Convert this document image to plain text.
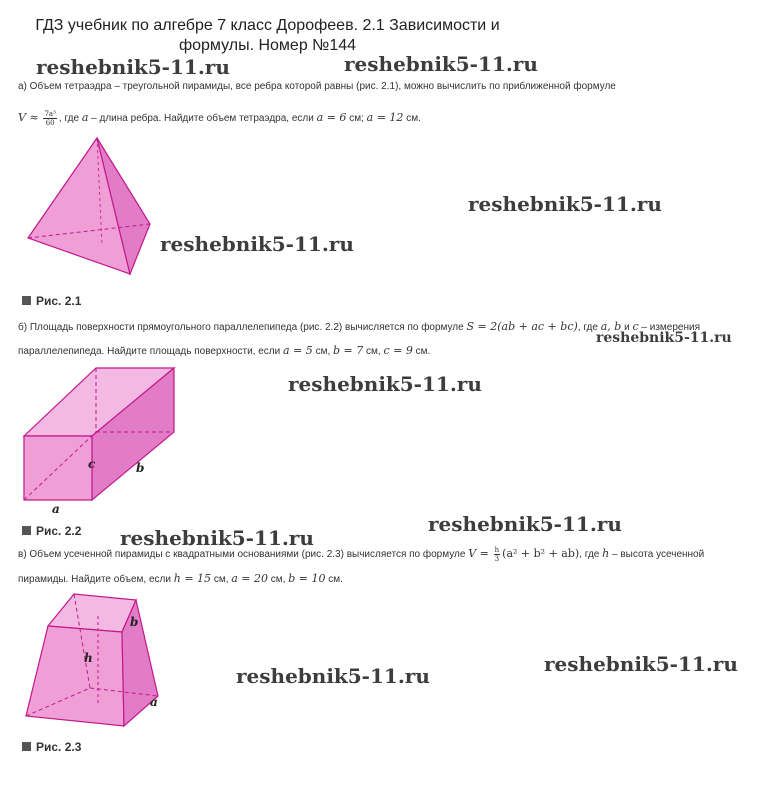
ГДЗ учебник по алгебре 7 класс Дорофеев. 2.1 Зависимости и
формулы. Номер №144
reshebnik5-11.ru	reshebnik5-11.ru
а) Объем тетраэдра – треугольной пирамиды, все ребра которой равны (рис. 2.1), можно вычислить по приближенной формуле
$V \approx \frac{\text{7a³}}{60}$ , где a – длина ребра. Найдите объем тетраэдра, если a = 6 см; a = 12 см.
reshebnik5-11.ru
reshebnik5-11.ru
Рис. 2.1
б) Площадь поверхности прямоугольного параллелепипеда (рис. 2.2) вычисляется по формуле S = 2(ab + ac + bc), где a, b и c – измерения
параллелепипеда. Найдите площадь поверхности, если a = 5 см, b = 7 см, c = 9 см.
reshebnik5-11.ru
c	b
a
reshebnik5-11.ru
Рис. 2.2 reshebnik5-11.ru
reshebnik5-11.ru
в) Объем усеченной пирамиды с квадратными основаниями (рис. 2.3) вычисляется по формуле $V = \frac{h}{3} (a^2 + b^2 + ab)$, где h – высота усеченной
пирамиды. Найдите объем, если h = 15 см, a = 20 см, b = 10 см.
h
b
a
reshebnik5-11.ru	reshebnik5-11.ru
Рис. 2.3
